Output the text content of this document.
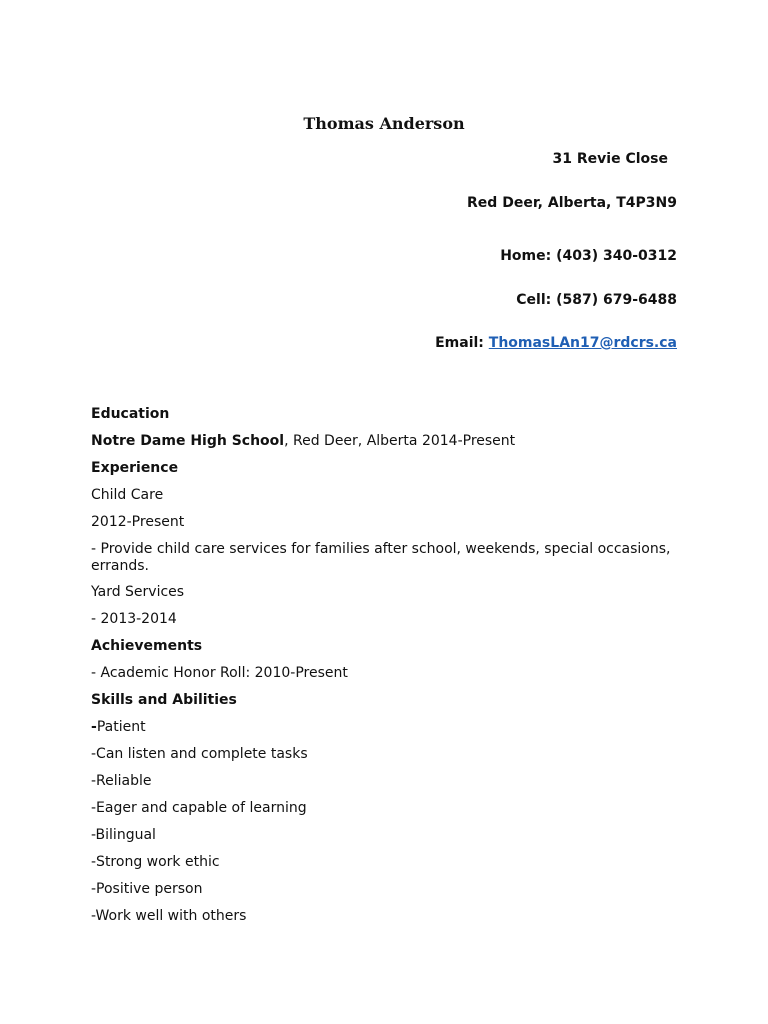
Thomas Anderson
31 Revie Close
Red Deer, Alberta, T4P3N9
Home: (403) 340-0312
Cell: (587) 679-6488
Email: ThomasLAn17@rdcrs.ca
Education
Notre Dame High School, Red Deer, Alberta 2014-Present
Experience
Child Care
2012-Present
- Provide child care services for families after school, weekends, special occasions, errands.
Yard Services
- 2013-2014
Achievements
- Academic Honor Roll: 2010-Present
Skills and Abilities
-Patient
-Can listen and complete tasks
-Reliable
-Eager and capable of learning
-Bilingual
-Strong work ethic
-Positive person
-Work well with others
